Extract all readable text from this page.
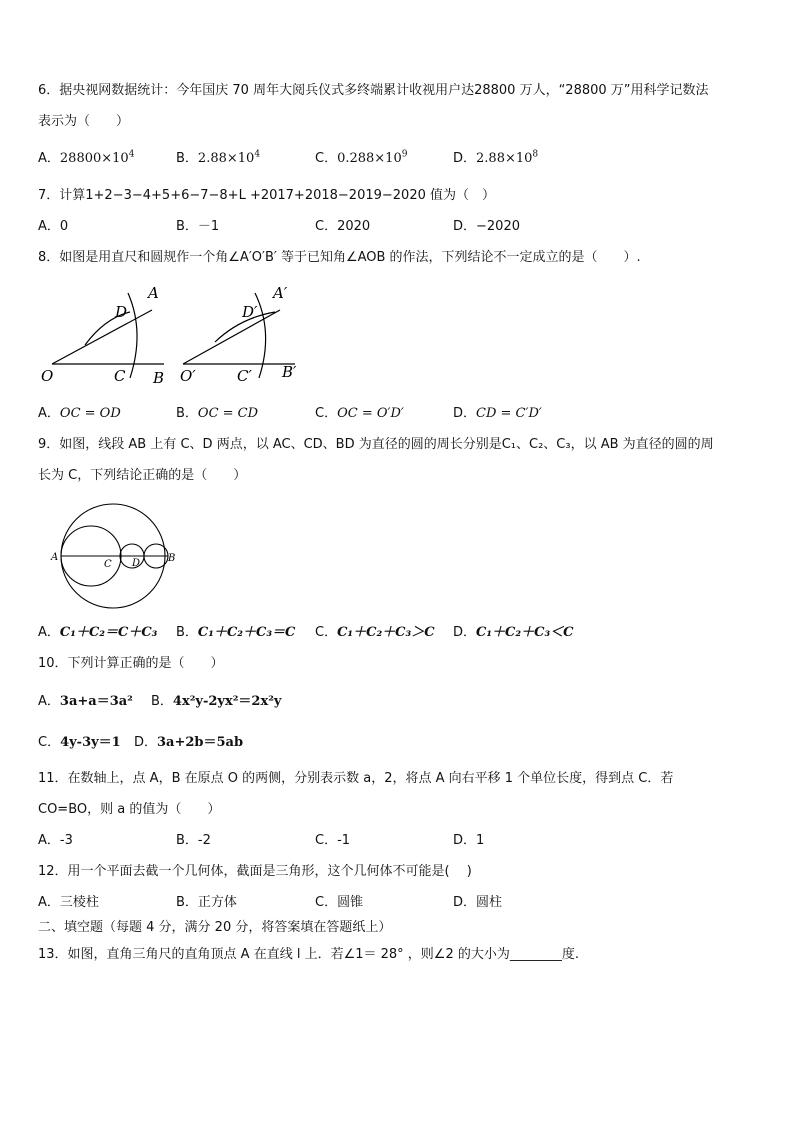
6．据央视网数据统计：今年国庆 70 周年大阅兵仪式多终端累计收视用户达28800 万人，“28800 万”用科学记数法
表示为（　　）
A．$28800\times 10^4$	B．$2.88\times 10^4$	C．$0.288\times 10^9$	D．$2.88\times 10^8$
7．计算1+2−3−4+5+6−7−8+L +2017+2018−2019−2020 值为（　）
A．0	B．－1	C．2020	D．−2020
8．如图是用直尺和圆规作一个角∠A′O′B′ 等于已知角∠AOB 的作法，下列结论不一定成立的是（　　）.
A
D
O	C B
A′
D′
O′	C′ B′
A．OC = OD	B．OC = CD	C．OC = O′D′	D．CD = C′D′
9．如图，线段 AB 上有 C、D 两点，以 AC、CD、BD 为直径的圆的周长分别是C₁、C₂、C₃，以 AB 为直径的圆的周
长为 C，下列结论正确的是（　　）
A
C D	B
A．C₁＋C₂＝C＋C₃ B．C₁＋C₂＋C₃＝C C．C₁＋C₂＋C₃＞C D．C₁＋C₂＋C₃＜C
10．下列计算正确的是（　　）
A．3a+a＝3a² B．4x²y-2yx²＝2x²y
C．4y-3y＝1 D．3a+2b＝5ab
11．在数轴上，点 A，B 在原点 O 的两侧，分别表示数 a，2，将点 A 向右平移 1 个单位长度，得到点 C．若
CO=BO，则 a 的值为（　　）
A．-3	B．-2	C．-1	D．1
12．用一个平面去截一个几何体，截面是三角形，这个几何体不可能是(　 )
A．三棱柱	B．正方体	C．圆锥	D．圆柱
二、填空题（每题 4 分，满分 20 分，将答案填在答题纸上）
13．如图，直角三角尺的直角顶点 A 在直线 l 上．若∠1＝ 28° ，则∠2 的大小为________度.
